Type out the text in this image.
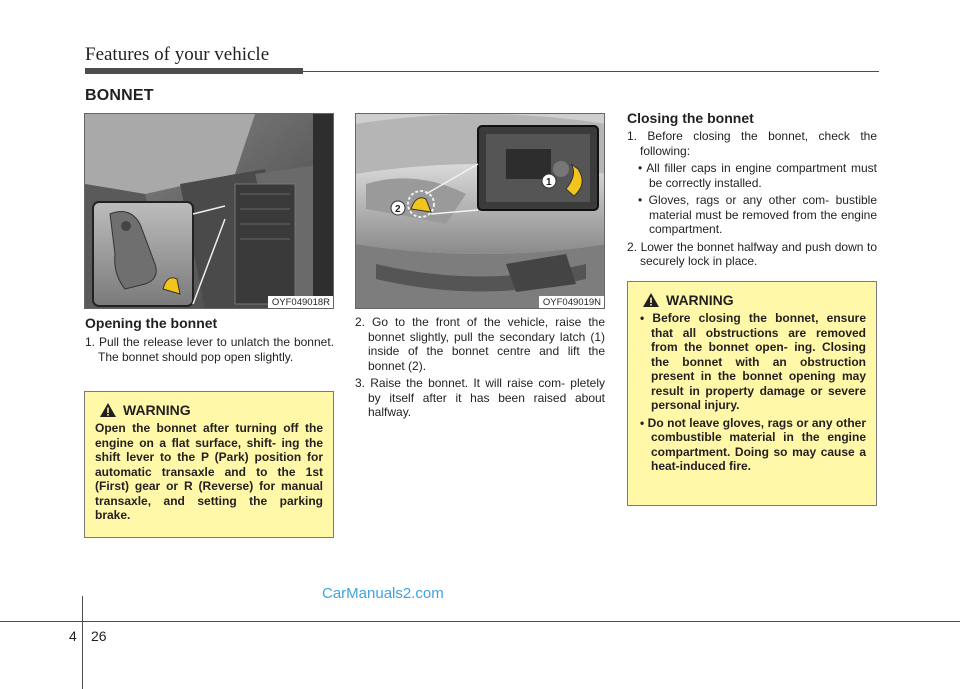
Features of your vehicle
BONNET
OYF049018R
1
2
OYF049019N
Opening the bonnet

1. Pull the release lever to unlatch the bonnet. The bonnet should pop open slightly.

2. Go to the front of the vehicle, raise the bonnet slightly, pull the secondary latch (1) inside of the bonnet centre and lift the bonnet (2).

3. Raise the bonnet. It will raise com- pletely by itself after it has been raised about halfway.

WARNING
Open the bonnet after turning off the engine on a flat surface, shift- ing the shift lever to the P (Park) position for automatic transaxle and to the 1st (First) gear or R (Reverse) for manual transaxle, and setting the parking brake.
Closing the bonnet

1. Before closing the bonnet, check the following:

• All filler caps in engine compartment must be correctly installed.

• Gloves, rags or any other com- bustible material must be removed from the engine compartment.

2. Lower the bonnet halfway and push down to securely lock in place.

WARNING
• Before closing the bonnet, ensure that all obstructions are removed from the bonnet open- ing. Closing the bonnet with an obstruction present in the bonnet opening may result in property damage or severe personal injury.
• Do not leave gloves, rags or any other combustible material in the engine compartment. Doing so may cause a heat-induced fire.
CarManuals2.com
4 26
